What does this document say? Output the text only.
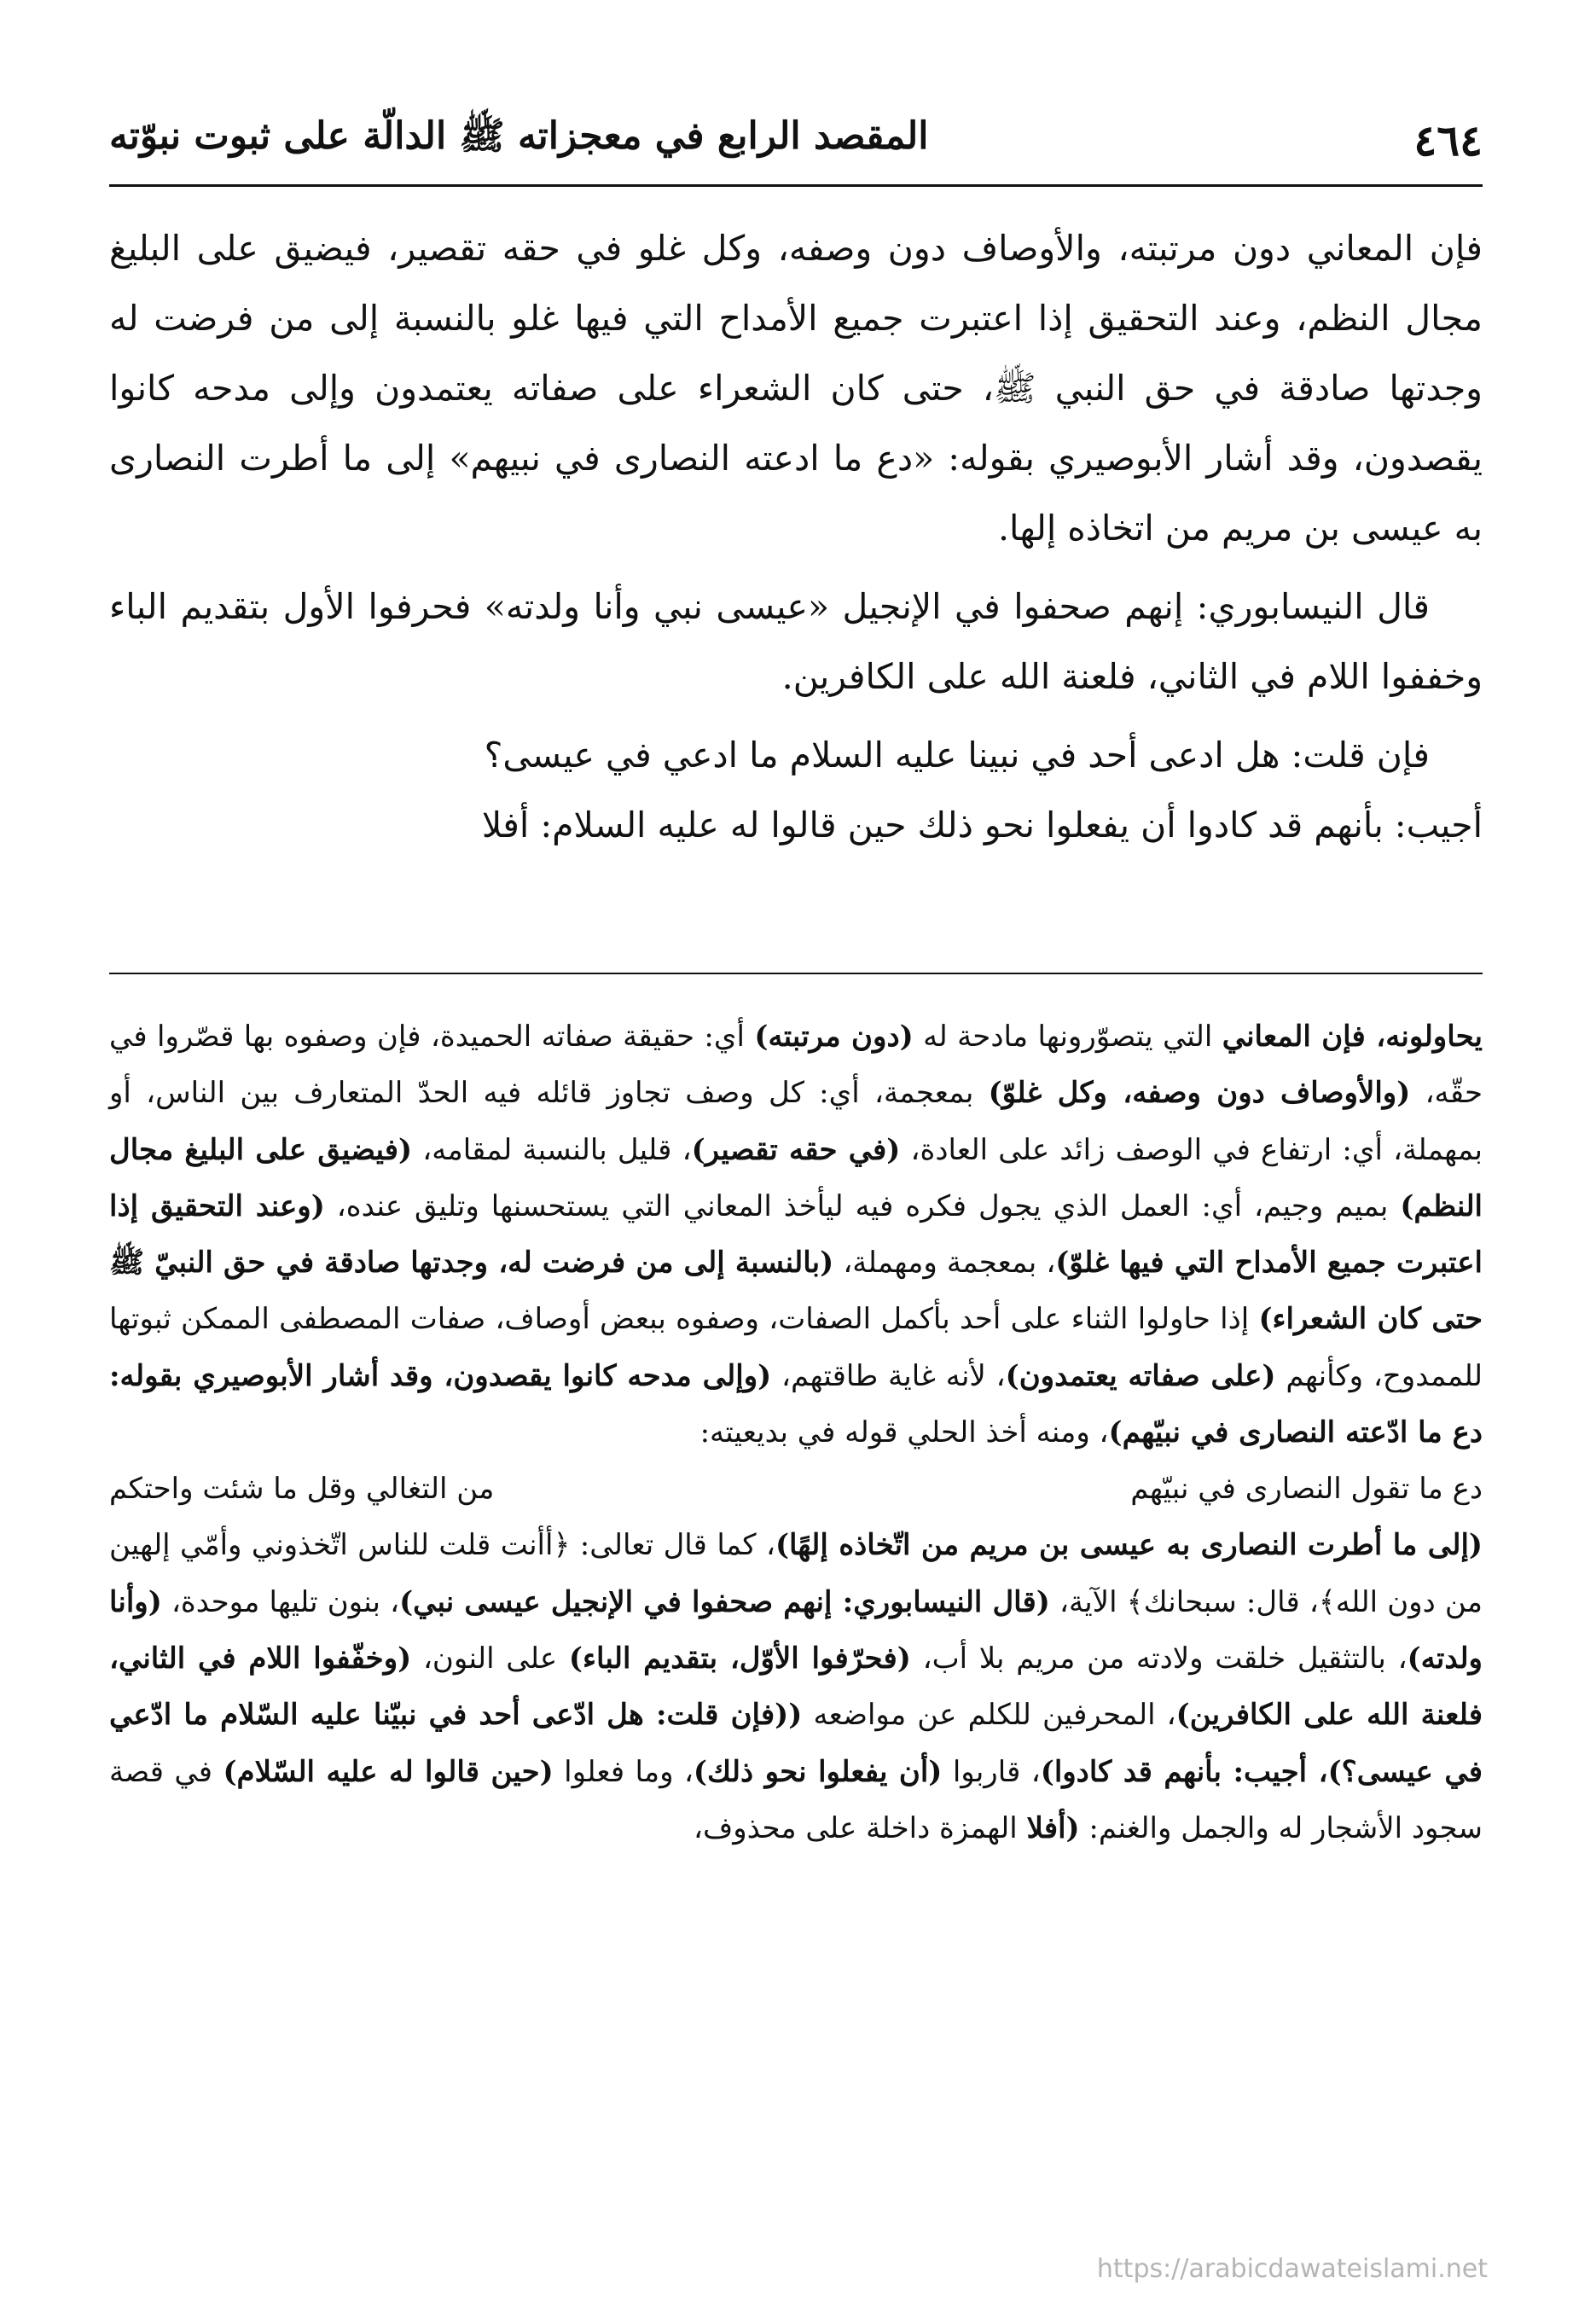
٤٦٤
المقصد الرابع في معجزاته ﷺ الدالّة على ثبوت نبوّته

فإن المعاني دون مرتبته، والأوصاف دون وصفه، وكل غلو في حقه تقصير، فيضيق على البليغ مجال النظم، وعند التحقيق إذا اعتبرت جميع الأمداح التي فيها غلو بالنسبة إلى من فرضت له وجدتها صادقة في حق النبي ﷺ، حتى كان الشعراء على صفاته يعتمدون وإلى مدحه كانوا يقصدون، وقد أشار الأبوصيري بقوله: «دع ما ادعته النصارى في نبيهم» إلى ما أطرت النصارى به عيسى بن مريم من اتخاذه إلها.

قال النيسابوري: إنهم صحفوا في الإنجيل «عيسى نبي وأنا ولدته» فحرفوا الأول بتقديم الباء وخففوا اللام في الثاني، فلعنة الله على الكافرين.

فإن قلت: هل ادعى أحد في نبينا عليه السلام ما ادعي في عيسى؟

أجيب: بأنهم قد كادوا أن يفعلوا نحو ذلك حين قالوا له عليه السلام: أفلا

يحاولونه، فإن المعاني التي يتصوّرونها مادحة له (دون مرتبته) أي: حقيقة صفاته الحميدة، فإن وصفوه بها قصّروا في حقّه، (والأوصاف دون وصفه، وكل غلوّ) بمعجمة، أي: كل وصف تجاوز قائله فيه الحدّ المتعارف بين الناس، أو بمهملة، أي: ارتفاع في الوصف زائد على العادة، (في حقه تقصير)، قليل بالنسبة لمقامه، (فيضيق على البليغ مجال النظم) بميم وجيم، أي: العمل الذي يجول فكره فيه ليأخذ المعاني التي يستحسنها وتليق عنده، (وعند التحقيق إذا اعتبرت جميع الأمداح التي فيها غلوّ)، بمعجمة ومهملة، (بالنسبة إلى من فرضت له، وجدتها صادقة في حق النبيّ ﷺ حتى كان الشعراء) إذا حاولوا الثناء على أحد بأكمل الصفات، وصفوه ببعض أوصاف، صفات المصطفى الممكن ثبوتها للممدوح، وكأنهم (على صفاته يعتمدون)، لأنه غاية طاقتهم، (وإلى مدحه كانوا يقصدون، وقد أشار الأبوصيري بقوله: دع ما ادّعته النصارى في نبيّهم)، ومنه أخذ الحلي قوله في بديعيته:

دع ما تقول النصارى في نبيّهم
من التغالي وقل ما شئت واحتكم

(إلى ما أطرت النصارى به عيسى بن مريم من اتّخاذه إلهًا)، كما قال تعالى: ﴿أأنت قلت للناس اتّخذوني وأمّي إلهين من دون الله﴾، قال: سبحانك﴾ الآية، (قال النيسابوري: إنهم صحفوا في الإنجيل عيسى نبي)، بنون تليها موحدة، (وأنا ولدته)، بالتثقيل خلقت ولادته من مريم بلا أب، (فحرّفوا الأوّل، بتقديم الباء) على النون، (وخفّفوا اللام في الثاني، فلعنة الله على الكافرين)، المحرفين للكلم عن مواضعه ((فإن قلت: هل ادّعى أحد في نبيّنا عليه السّلام ما ادّعي في عيسى؟)، أجيب: بأنهم قد كادوا)، قاربوا (أن يفعلوا نحو ذلك)، وما فعلوا (حين قالوا له عليه السّلام) في قصة سجود الأشجار له والجمل والغنم: (أفلا الهمزة داخلة على محذوف،

https://arabicdawateislami.net
